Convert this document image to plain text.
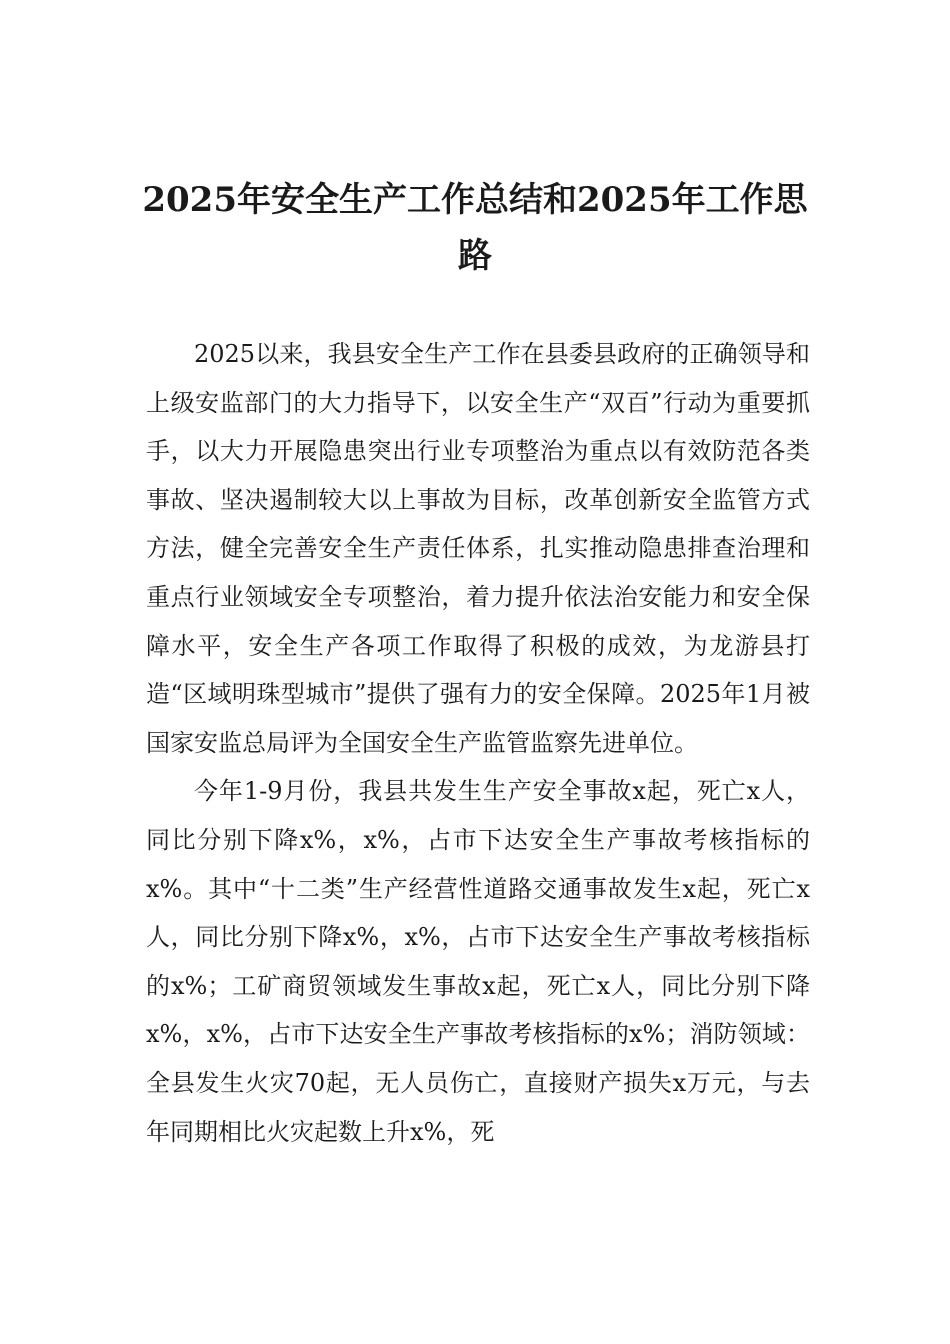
2025年安全生产工作总结和2025年工作思路

2025以来，我县安全生产工作在县委县政府的正确领导和上级安监部门的大力指导下，以安全生产“双百”行动为重要抓手，以大力开展隐患突出行业专项整治为重点以有效防范各类事故、坚决遏制较大以上事故为目标，改革创新安全监管方式方法，健全完善安全生产责任体系，扎实推动隐患排查治理和重点行业领域安全专项整治，着力提升依法治安能力和安全保障水平，安全生产各项工作取得了积极的成效，为龙游县打造“区域明珠型城市”提供了强有力的安全保障。2025年1月被国家安监总局评为全国安全生产监管监察先进单位。

今年1-9月份，我县共发生生产安全事故x起，死亡x人，同比分别下降x%，x%，占市下达安全生产事故考核指标的x%。其中“十二类”生产经营性道路交通事故发生x起，死亡x人，同比分别下降x%，x%，占市下达安全生产事故考核指标的x%；工矿商贸领域发生事故x起，死亡x人，同比分别下降x%，x%，占市下达安全生产事故考核指标的x%；消防领域：全县发生火灾70起，无人员伤亡，直接财产损失x万元，与去年同期相比火灾起数上升x%，死
